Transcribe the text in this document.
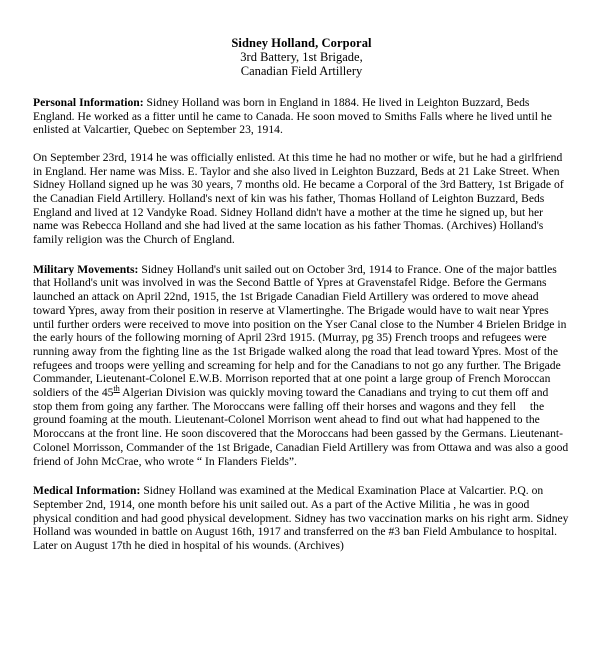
Sidney Holland, Corporal
3rd Battery, 1st Brigade,
Canadian Field Artillery

Personal Information: Sidney Holland was born in England in 1884. He lived in Leighton Buzzard, Beds England. He worked as a fitter until he came to Canada. He soon moved to Smiths Falls where he lived until he enlisted at Valcartier, Quebec on September 23, 1914.

On September 23rd, 1914 he was officially enlisted. At this time he had no mother or wife, but he had a girlfriend in England. Her name was Miss. E. Taylor and she also lived in Leighton Buzzard, Beds at 21 Lake Street. When Sidney Holland signed up he was 30 years, 7 months old. He became a Corporal of the 3rd Battery, 1st Brigade of the Canadian Field Artillery. Holland's next of kin was his father, Thomas Holland of Leighton Buzzard, Beds England and lived at 12 Vandyke Road. Sidney Holland didn't have a mother at the time he signed up, but her name was Rebecca Holland and she had lived at the same location as his father Thomas. (Archives) Holland's family religion was the Church of England.

Military Movements: Sidney Holland's unit sailed out on October 3rd, 1914 to France. One of the major battles that Holland's unit was involved in was the Second Battle of Ypres at Gravenstafel Ridge. Before the Germans launched an attack on April 22nd, 1915, the 1st Brigade Canadian Field Artillery was ordered to move ahead toward Ypres, away from their position in reserve at Vlamertinghe. The Brigade would have to wait near Ypres until further orders were received to move into position on the Yser Canal close to the Number 4 Brielen Bridge in the early hours of the following morning of April 23rd 1915. (Murray, pg 35) French troops and refugees were running away from the fighting line as the 1st Brigade walked along the road that lead toward Ypres. Most of the refugees and troops were yelling and screaming for help and for the Canadians to not go any further. The Brigade Commander, Lieutenant-Colonel E.W.B. Morrison reported that at one point a large group of French Moroccan soldiers of the 45th Algerian Division was quickly moving toward the Canadians and trying to cut them off and stop them from going any farther. The Moroccans were falling off their horses and wagons and they fell the ground foaming at the mouth. Lieutenant-Colonel Morrison went ahead to find out what had happened to the Moroccans at the front line. He soon discovered that the Moroccans had been gassed by the Germans. Lieutenant-Colonel Morrisson, Commander of the 1st Brigade, Canadian Field Artillery was from Ottawa and was also a good friend of John McCrae, who wrote “ In Flanders Fields”.

Medical Information: Sidney Holland was examined at the Medical Examination Place at Valcartier. P.Q. on September 2nd, 1914, one month before his unit sailed out. As a part of the Active Militia , he was in good physical condition and had good physical development. Sidney has two vaccination marks on his right arm. Sidney Holland was wounded in battle on August 16th, 1917 and transferred on the #3 ban Field Ambulance to hospital. Later on August 17th he died in hospital of his wounds. (Archives)
